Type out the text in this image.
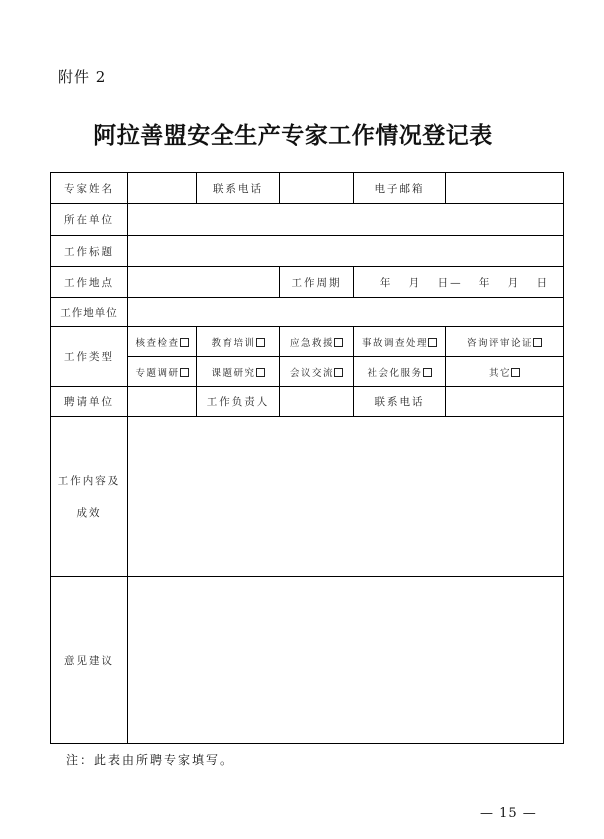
附件 2
阿拉善盟安全生产专家工作情况登记表
专家姓名		联系电话		电子邮箱	
所在单位					
工作标题					
工作地点			工作周期	年 月 日— 年 月 日	
工作地单位					
工作类型	核查检查	教育培训	应急救援	事故调查处理	咨询评审论证
	专题调研	课题研究	会议交流	社会化服务	其它
聘请单位		工作负责人		联系电话	

工作内容及
成效					

意见建议					
注：此表由所聘专家填写。
— 15 —
